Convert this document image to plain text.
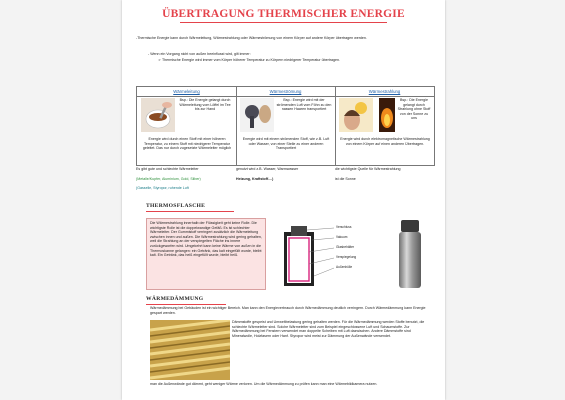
ÜBERTRAGUNG THERMISCHER ENERGIE
-Thermische Energie kann durch Wärmeleitung, Wärmestrahlung oder Wärmeströmung von einem Körper auf andere Körper übertragen werden.
- Wenn ein Vorgang nicht von außen beeinflusst wird, gilt immer:
➢ Thermische Energie wird immer vom Körper höherer Temperatur zu Körpern niedrigerer Temperatur übertragen.
Wärmeleitung
Bsp.: Die Energie gelangt durch Wärmeleitung vom Löffel im Tee bis zur Hand
Energie wird durch einen Stoff mit einer höheren Temperatur, zu einem Stoff mit niedrigerer Temperatur geleitet. Das nur durch zugesetzte Wärmeleiter möglich
Wärmeströmung
Bsp.: Energie wird mit der strömenden Luft vom Föhn zu den nassen Haaren transportiert
Energie wird mit einem strömenden Stoff, wie z.B. Luft oder Wasser, von einer Stelle zu einer anderen Transportiert
Wärmestrahlung
Bsp.: Die Energie gelangt durch Strahlung ohne Stoff von der Sonne zu uns
Energie wird durch elektromagnetische Wärmestrahlung von einem Körper auf einen anderen Übertragen.
Es gibt gute und schlechte Wärmeleiter
(Metalle/Kupfer, Aluminium, Gold, Silber)
(Gasselle, Styropor, ruhende Luft
genutzt wird z.B. Wasser, Warmwasser
Heizung, Kraftstoff....)
die wichtigste Quelle für Wärmestrahlung
ist die Sonne
THERMOSFLASCHE
Die Wärmestrahlung innerhalb der Flüssigkeit geht keine Rolle. Die wichtigste Rolle ist die doppelwandige Gefäß: Es ist schlechter Wärmeleiter. Der Gummistoff verringert zusätzlich die Wärmeleitung zwischen innen und außen. Die Wärmestrahlung wird gering gehalten, weil die Strahlung an der verspiegelten Fläche ins innere zurückgeworfen wird. Umgekehrt kann keine Wärme von außen in die Thermoskanne gelangen: ein Getränk, das kalt eingefüllt wurde, bleibt kalt. Ein Getränk, das heiß eingefüllt wurde, bleibt heiß.
Verschluss
Vakuum
Glasbehälter
Verspiegelung
Außenhülle
WÄRMEDÄMMUNG
Wärmedämmung bei Gebäuden ist ein wichtiger Bereich. Man kann den Energieverbrauch durch Wärmedämmung deutlich verringern. Durch Wärmedämmung kann Energie gespart werden.
Dämmstoffe gespeist und Umweltbelastung gering gehalten werden. Für die Wärmedämmung werden Stoffe benutzt, die schlechte Wärmeleiter sind. Solche Wärmeleiter sind zum Beispiel eingeschlossene Luft und Schaumstoffe. Zur Wärmedämmung bei Fenstern verwendet man doppelte Scheiben mit Luft dazwischen. Andere Dämmstoffe sind Mineralwolle, Holzfasern oder Hanf. Styropor wird meist zur Dämmung der Außenwände verwendet.
man die Außenwände gut dämmt, geht weniger Wärme verloren. Um die Wärmedämmung zu prüfen kann man eine Wärmebildkamera nutzen.
